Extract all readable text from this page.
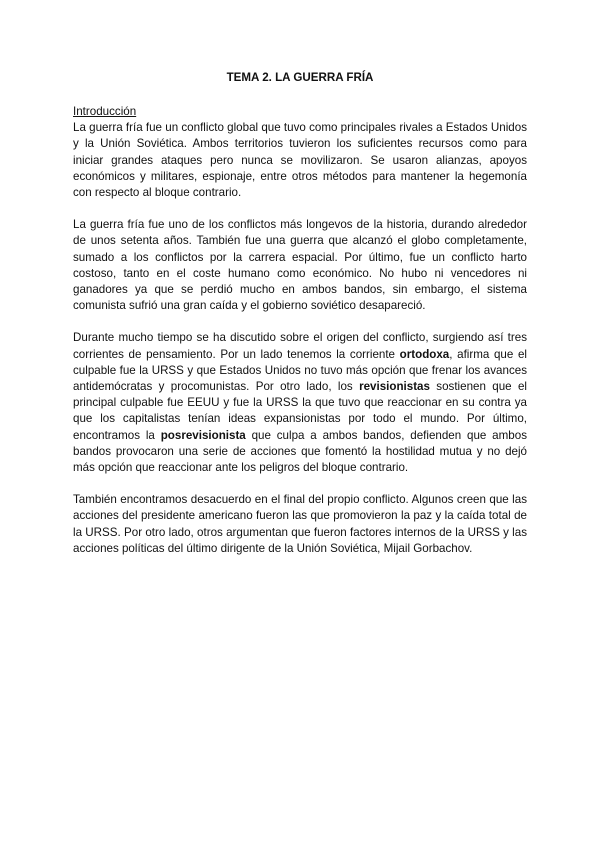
TEMA 2. LA GUERRA FRÍA
Introducción

La guerra fría fue un conflicto global que tuvo como principales rivales a Estados Unidos y la Unión Soviética. Ambos territorios tuvieron los suficientes recursos como para iniciar grandes ataques pero nunca se movilizaron. Se usaron alianzas, apoyos económicos y militares, espionaje, entre otros métodos para mantener la hegemonía con respecto al bloque contrario.

La guerra fría fue uno de los conflictos más longevos de la historia, durando alrededor de unos setenta años. También fue una guerra que alcanzó el globo completamente, sumado a los conflictos por la carrera espacial. Por último, fue un conflicto harto costoso, tanto en el coste humano como económico. No hubo ni vencedores ni ganadores ya que se perdió mucho en ambos bandos, sin embargo, el sistema comunista sufrió una gran caída y el gobierno soviético desapareció.

Durante mucho tiempo se ha discutido sobre el origen del conflicto, surgiendo así tres corrientes de pensamiento. Por un lado tenemos la corriente ortodoxa, afirma que el culpable fue la URSS y que Estados Unidos no tuvo más opción que frenar los avances antidemócratas y procomunistas. Por otro lado, los revisionistas sostienen que el principal culpable fue EEUU y fue la URSS la que tuvo que reaccionar en su contra ya que los capitalistas tenían ideas expansionistas por todo el mundo. Por último, encontramos la posrevisionista que culpa a ambos bandos, defienden que ambos bandos provocaron una serie de acciones que fomentó la hostilidad mutua y no dejó más opción que reaccionar ante los peligros del bloque contrario.

También encontramos desacuerdo en el final del propio conflicto. Algunos creen que las acciones del presidente americano fueron las que promovieron la paz y la caída total de la URSS. Por otro lado, otros argumentan que fueron factores internos de la URSS y las acciones políticas del último dirigente de la Unión Soviética, Mijail Gorbachov.
